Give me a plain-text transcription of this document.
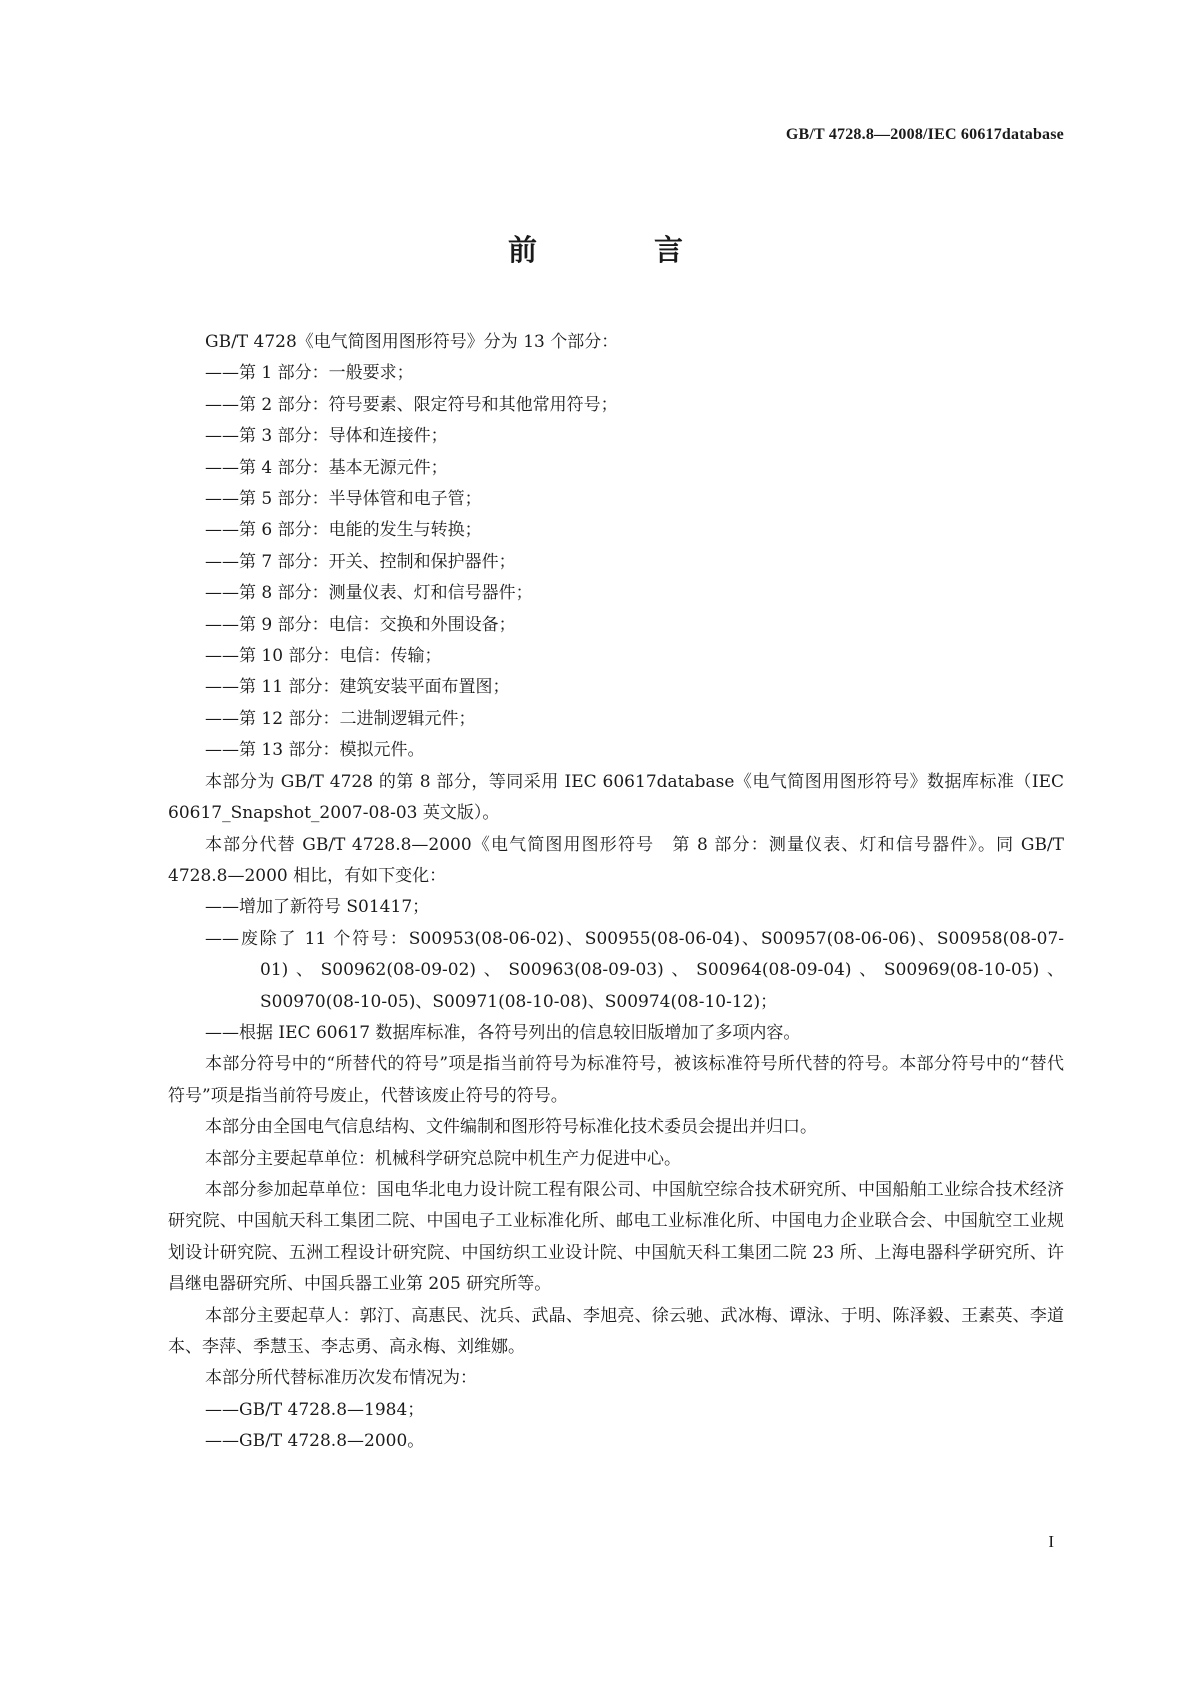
GB/T 4728.8—2008/IEC 60617database
前　言

GB/T 4728《电气简图用图形符号》分为 13 个部分：

——第 1 部分：一般要求；

——第 2 部分：符号要素、限定符号和其他常用符号；

——第 3 部分：导体和连接件；

——第 4 部分：基本无源元件；

——第 5 部分：半导体管和电子管；

——第 6 部分：电能的发生与转换；

——第 7 部分：开关、控制和保护器件；

——第 8 部分：测量仪表、灯和信号器件；

——第 9 部分：电信：交换和外围设备；

——第 10 部分：电信：传输；

——第 11 部分：建筑安装平面布置图；

——第 12 部分：二进制逻辑元件；

——第 13 部分：模拟元件。

本部分为 GB/T 4728 的第 8 部分，等同采用 IEC 60617database《电气简图用图形符号》数据库标准（IEC 60617_Snapshot_2007-08-03 英文版）。

本部分代替 GB/T 4728.8—2000《电气简图用图形符号　第 8 部分：测量仪表、灯和信号器件》。同 GB/T 4728.8—2000 相比，有如下变化：

——增加了新符号 S01417；

——废除了 11 个符号：S00953(08-06-02)、S00955(08-06-04)、S00957(08-06-06)、S00958(08-07-01)、S00962(08-09-02)、S00963(08-09-03)、S00964(08-09-04)、S00969(08-10-05)、S00970(08-10-05)、S00971(08-10-08)、S00974(08-10-12)；

——根据 IEC 60617 数据库标准，各符号列出的信息较旧版增加了多项内容。

本部分符号中的“所替代的符号”项是指当前符号为标准符号，被该标准符号所代替的符号。本部分符号中的“替代符号”项是指当前符号废止，代替该废止符号的符号。

本部分由全国电气信息结构、文件编制和图形符号标准化技术委员会提出并归口。

本部分主要起草单位：机械科学研究总院中机生产力促进中心。

本部分参加起草单位：国电华北电力设计院工程有限公司、中国航空综合技术研究所、中国船舶工业综合技术经济研究院、中国航天科工集团二院、中国电子工业标准化所、邮电工业标准化所、中国电力企业联合会、中国航空工业规划设计研究院、五洲工程设计研究院、中国纺织工业设计院、中国航天科工集团二院 23 所、上海电器科学研究所、许昌继电器研究所、中国兵器工业第 205 研究所等。

本部分主要起草人：郭汀、高惠民、沈兵、武晶、李旭亮、徐云驰、武冰梅、谭泳、于明、陈泽毅、王素英、李道本、李萍、季慧玉、李志勇、高永梅、刘维娜。

本部分所代替标准历次发布情况为：

——GB/T 4728.8—1984；

——GB/T 4728.8—2000。

I
